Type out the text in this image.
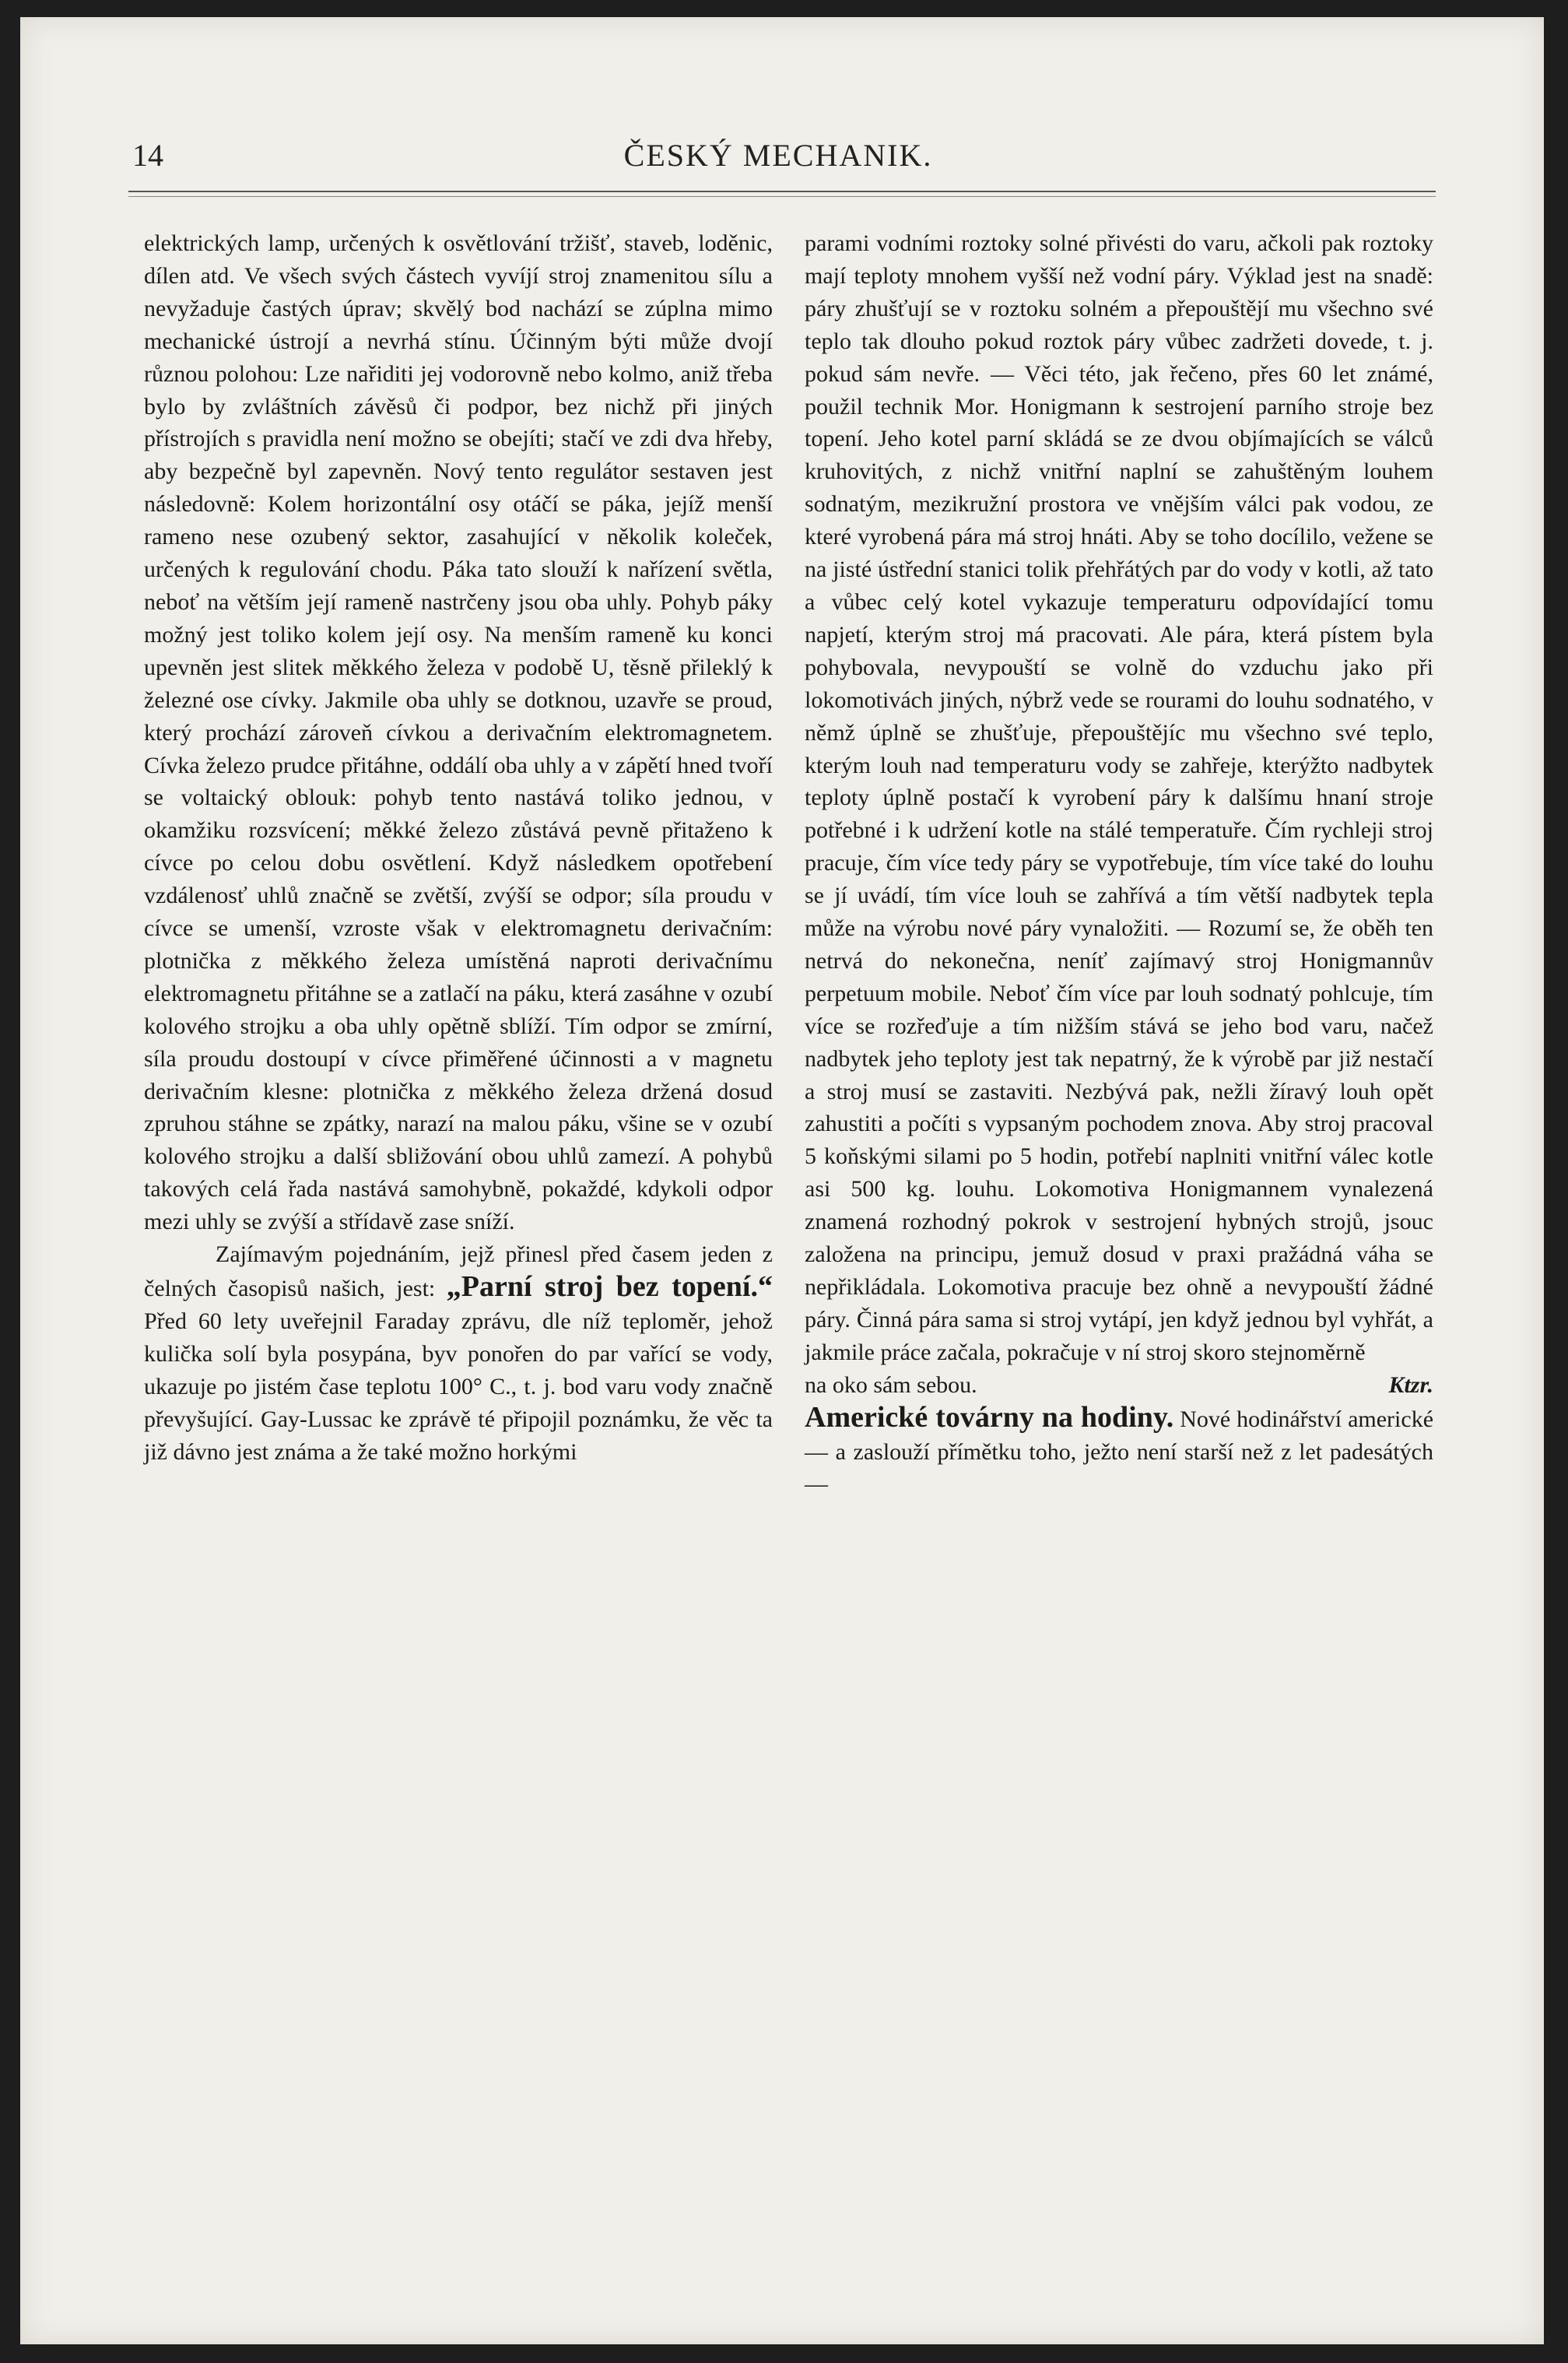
14	ČESKÝ MECHANIK.

elektrických lamp, určených k osvětlování tržišť, staveb, loděnic, dílen atd. Ve všech svých částech vyvíjí stroj znamenitou sílu a nevyžaduje častých úprav; skvělý bod nachází se zúplna mimo mechanické ústrojí a nevrhá stínu. Účinným býti může dvojí různou polohou: Lze nařiditi jej vodorovně nebo kolmo, aniž třeba bylo by zvláštních závěsů či podpor, bez nichž při jiných přístrojích s pravidla není možno se obejíti; stačí ve zdi dva hřeby, aby bezpečně byl zapevněn. Nový tento regulátor sestaven jest následovně: Kolem horizontální osy otáčí se páka, jejíž menší rameno nese ozubený sektor, zasahující v několik koleček, určených k regulování chodu. Páka tato slouží k nařízení světla, neboť na větším její rameně nastrčeny jsou oba uhly. Pohyb páky možný jest toliko kolem její osy. Na menším rameně ku konci upevněn jest slitek měkkého železa v podobě U, těsně přileklý k železné ose cívky. Jakmile oba uhly se dotknou, uzavře se proud, který prochází zároveň cívkou a derivačním elektromagnetem. Cívka železo prudce přitáhne, oddálí oba uhly a v zápětí hned tvoří se voltaický oblouk: pohyb tento nastává toliko jednou, v okamžiku rozsvícení; měkké železo zůstává pevně přitaženo k cívce po celou dobu osvětlení. Když následkem opotřebení vzdálenosť uhlů značně se zvětší, zvýší se odpor; síla proudu v cívce se umenší, vzroste však v elektromagnetu derivačním: plotnička z měkkého železa umístěná naproti derivačnímu elektromagnetu přitáhne se a zatlačí na páku, která zasáhne v ozubí kolového strojku a oba uhly opětně sblíží. Tím odpor se zmírní, síla proudu dostoupí v cívce přiměřené účinnosti a v magnetu derivačním klesne: plotnička z měkkého železa držená dosud zpruhou stáhne se zpátky, narazí na malou páku, všine se v ozubí kolového strojku a další sbližování obou uhlů zamezí. A pohybů takových celá řada nastává samohybně, pokaždé, kdykoli odpor mezi uhly se zvýší a střídavě zase sníží.

Zajímavým pojednáním, jejž přinesl před časem jeden z čelných časopisů našich, jest: „Parní stroj bez topení.“ Před 60 lety uveřejnil Faraday zprávu, dle níž teploměr, jehož kulička solí byla posypána, byv ponořen do par vařící se vody, ukazuje po jistém čase teplotu 100° C., t. j. bod varu vody značně převyšující. Gay-Lussac ke zprávě té připojil poznámku, že věc ta již dávno jest známa a že také možno horkými

parami vodními roztoky solné přivésti do varu, ačkoli pak roztoky mají teploty mnohem vyšší než vodní páry. Výklad jest na snadě: páry zhušťují se v roztoku solném a přepouštějí mu všechno své teplo tak dlouho pokud roztok páry vůbec zadržeti dovede, t. j. pokud sám nevře. — Věci této, jak řečeno, přes 60 let známé, použil technik Mor. Honigmann k sestrojení parního stroje bez topení. Jeho kotel parní skládá se ze dvou objímajících se válců kruhovitých, z nichž vnitřní naplní se zahuštěným louhem sodnatým, mezikružní prostora ve vnějším válci pak vodou, ze které vyrobená pára má stroj hnáti. Aby se toho docílilo, vežene se na jisté ústřední stanici tolik přehřátých par do vody v kotli, až tato a vůbec celý kotel vykazuje temperaturu odpovídající tomu napjetí, kterým stroj má pracovati. Ale pára, která pístem byla pohybovala, nevypouští se volně do vzduchu jako při lokomotivách jiných, nýbrž vede se rourami do louhu sodnatého, v němž úplně se zhušťuje, přepouštějíc mu všechno své teplo, kterým louh nad temperaturu vody se zahřeje, kterýžto nadbytek teploty úplně postačí k vyrobení páry k dalšímu hnaní stroje potřebné i k udržení kotle na stálé temperatuře. Čím rychleji stroj pracuje, čím více tedy páry se vypotřebuje, tím více také do louhu se jí uvádí, tím více louh se zahřívá a tím větší nadbytek tepla může na výrobu nové páry vynaložiti. — Rozumí se, že oběh ten netrvá do nekonečna, neníť zajímavý stroj Honigmannův perpetuum mobile. Neboť čím více par louh sodnatý pohlcuje, tím více se rozřeďuje a tím nižším stává se jeho bod varu, načež nadbytek jeho teploty jest tak nepatrný, že k výrobě par již nestačí a stroj musí se zastaviti. Nezbývá pak, nežli žíravý louh opět zahustiti a počíti s vypsaným pochodem znova. Aby stroj pracoval 5 koňskými silami po 5 hodin, potřebí naplniti vnitřní válec kotle asi 500 kg. louhu. Lokomotiva Honigmannem vynalezená znamená rozhodný pokrok v sestrojení hybných strojů, jsouc založena na principu, jemuž dosud v praxi pražádná váha se nepřikládala. Lokomotiva pracuje bez ohně a nevypouští žádné páry. Činná pára sama si stroj vytápí, jen když jednou byl vyhřát, a jakmile práce začala, pokračuje v ní stroj skoro stejnoměrně

na oko sám sebou.	Ktzr.

Americké továrny na hodiny. Nové hodinářství americké — a zaslouží přímětku toho, ježto není starší než z let padesátých —
